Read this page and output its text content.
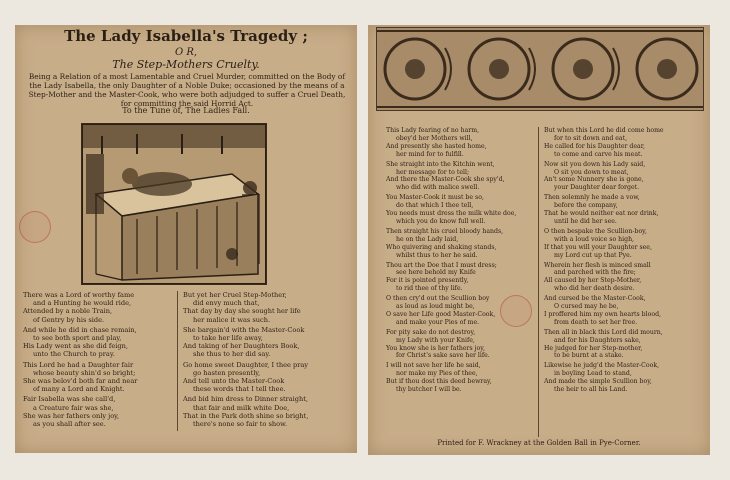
The Lady Isabella's Tragedy ;
O R,
The Step-Mothers Cruelty.
Being a Relation of a most Lamentable and Cruel Murder, committed on the Body of the Lady Isabella, the only Daughter of a Noble Duke; occasioned by the means of a Step-Mother and the Master-Cook, who were both adjudged to suffer a Cruel Death, for committing the said Horrid Act.
To the Tune of, The Ladies Fall.
There was a Lord of worthy fame
and a Hunting he would ride,
Attended by a noble Train,
of Gentry by his side.
And while he did in chase remain,
to see both sport and play,
His Lady went as she did feign,
unto the Church to pray.
This Lord he had a Daughter fair
whose beauty shin'd so bright;
She was belov'd both far and near
of many a Lord and Knight.
Fair Isabella was she call'd,
a Creature fair was she,
She was her fathers only joy,
as you shall after see.
But yet her Cruel Step-Mother,
did envy much that,
That day by day she sought her life
her malice it was such.
She bargain'd with the Master-Cook
to take her life away,
And taking of her Daughters Book,
she thus to her did say.
Go home sweet Daughter, I thee pray
go hasten presently,
And tell unto the Master-Cook
these words that I tell thee.
And bid him dress to Dinner straight,
that fair and milk white Doe,
That in the Park doth shine so bright,
there's none so fair to show.
This Lady fearing of no harm,
obey'd her Mothers will,
And presently she hasted home,
her mind for to fulfill.
She straight into the Kitchin went,
her message for to tell;
And there the Master-Cook she spy'd,
who did with malice swell.
You Master-Cook it must be so,
do that which I thee tell,
You needs must dress the milk white doe,
which you do know full well.
Then straight his cruel bloody hands,
he on the Lady laid,
Who quivering and shaking stands,
whilst thus to her he said.
Thou art the Doe that I must dress;
see here behold my Knife
For it is pointed presently,
to rid thee of thy life.
O then cry'd out the Scullion boy
as loud as loud might be,
O save her Life good Master-Cook,
and make your Pies of me.
For pity sake do not destroy,
my Lady with your Knife,
You know she is her fathers joy,
for Christ's sake save her life.
I will not save her life he said,
nor make my Pies of thee,
But if thou dost this deed bewray,
thy butcher I will be.
But when this Lord he did come home
for to sit down and eat,
He called for his Daughter dear,
to come and carve his meat.
Now sit you down his Lady said,
O sit you down to meat,
An't some Nunnery she is gone,
your Daughter dear forget.
Then solemnly he made a vow,
before the company,
That he would neither eat nor drink,
until he did her see.
O then bespake the Scullion-boy,
with a loud voice so high,
If that you will your Daughter see,
my Lord cut up that Pye.
Wherein her flesh is minced small
and parched with the fire;
All caused by her Step-Mother,
who did her death desire.
And cursed be the Master-Cook,
O cursed may he be,
I proffered him my own hearts blood,
from death to set her free.
Then all in black this Lord did mourn,
and for his Daughters sake,
He judged for her Step-mother,
to be burnt at a stake.
Likewise he judg'd the Master-Cook,
in boyling Lead to stand,
And made the simple Scullion boy,
the heir to all his Land.
Printed for F. Wrackney at the Golden Ball in Pye-Corner.
